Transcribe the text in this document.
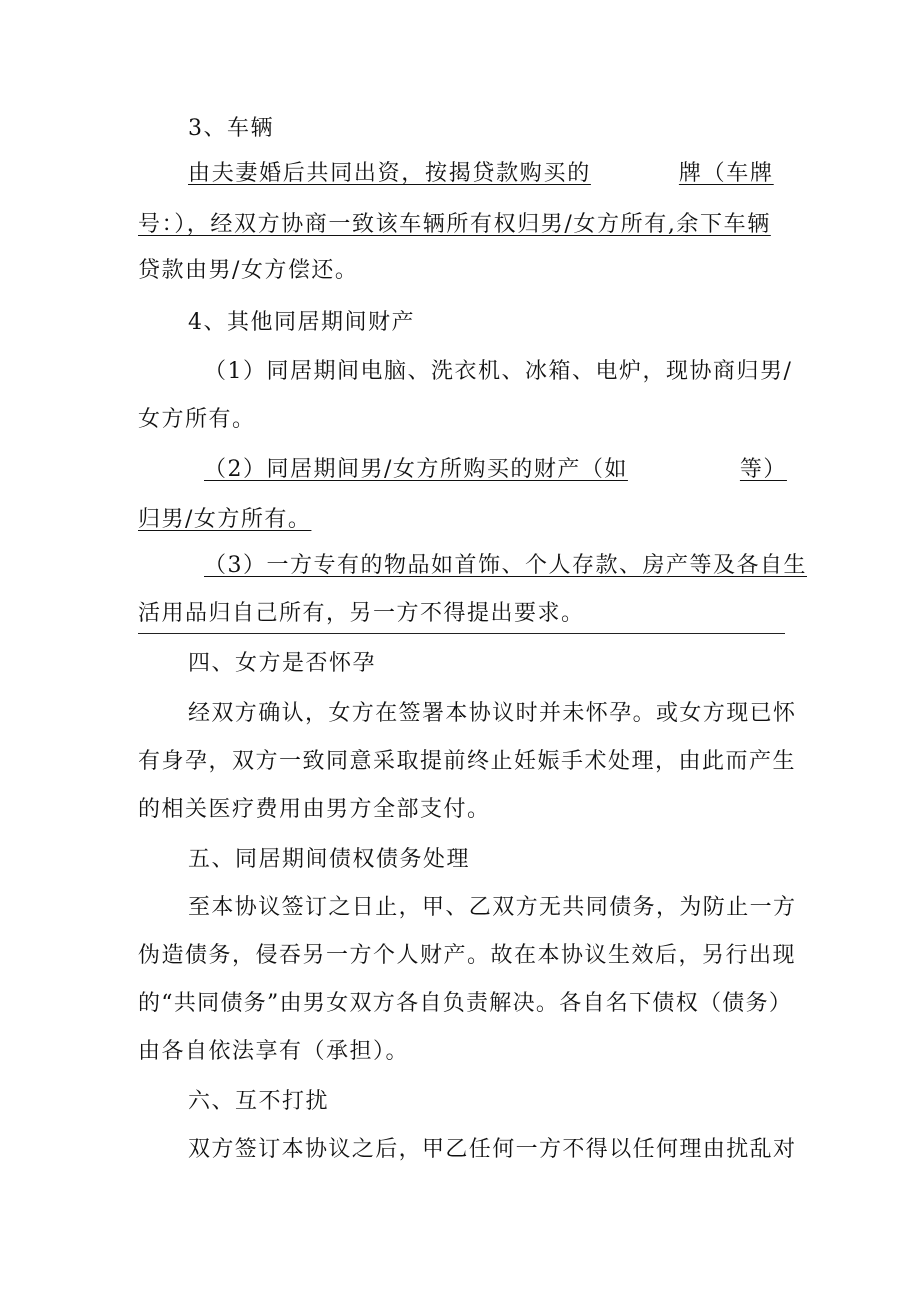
3、车辆
由夫妻婚后共同出资，按揭贷款购买的	牌（车牌
号：），经双方协商一致该车辆所有权归男/女方所有,余下车辆
贷款由男/女方偿还。
4、其他同居期间财产
（1）同居期间电脑、洗衣机、冰箱、电炉，现协商归男/
女方所有。
（2）同居期间男/女方所购买的财产（如	等）
归男/女方所有。
（3）一方专有的物品如首饰、个人存款、房产等及各自生
活用品归自己所有，另一方不得提出要求。
四、女方是否怀孕
经双方确认，女方在签署本协议时并未怀孕。或女方现已怀
有身孕，双方一致同意采取提前终止妊娠手术处理，由此而产生
的相关医疗费用由男方全部支付。
五、同居期间债权债务处理
至本协议签订之日止，甲、乙双方无共同债务，为防止一方
伪造债务，侵吞另一方个人财产。故在本协议生效后，另行出现
的“共同债务”由男女双方各自负责解决。各自名下债权（债务）
由各自依法享有（承担）。
六、互不打扰
双方签订本协议之后，甲乙任何一方不得以任何理由扰乱对
